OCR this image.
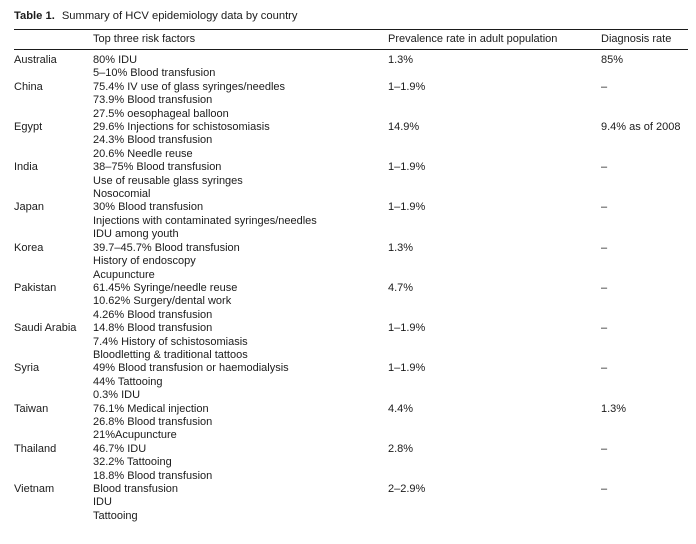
Table 1. Summary of HCV epidemiology data by country
	Top three risk factors	Prevalence rate in adult population	Diagnosis rate
Australia	80% IDU
5–10% Blood transfusion	1.3%	85%
China	75.4% IV use of glass syringes/needles
73.9% Blood transfusion
27.5% oesophageal balloon	1–1.9%	–
Egypt	29.6% Injections for schistosomiasis
24.3% Blood transfusion
20.6% Needle reuse	14.9%	9.4% as of 2008
India	38–75% Blood transfusion
Use of reusable glass syringes
Nosocomial	1–1.9%	–
Japan	30% Blood transfusion
Injections with contaminated syringes/needles
IDU among youth	1–1.9%	–
Korea	39.7–45.7% Blood transfusion
History of endoscopy
Acupuncture	1.3%	–
Pakistan	61.45% Syringe/needle reuse
10.62% Surgery/dental work
4.26% Blood transfusion	4.7%	–
Saudi Arabia	14.8% Blood transfusion
7.4% History of schistosomiasis
Bloodletting & traditional tattoos	1–1.9%	–
Syria	49% Blood transfusion or haemodialysis
44% Tattooing
0.3% IDU	1–1.9%	–
Taiwan	76.1% Medical injection
26.8% Blood transfusion
21%Acupuncture	4.4%	1.3%
Thailand	46.7% IDU
32.2% Tattooing
18.8% Blood transfusion	2.8%	–
Vietnam	Blood transfusion
IDU
Tattooing	2–2.9%	–
